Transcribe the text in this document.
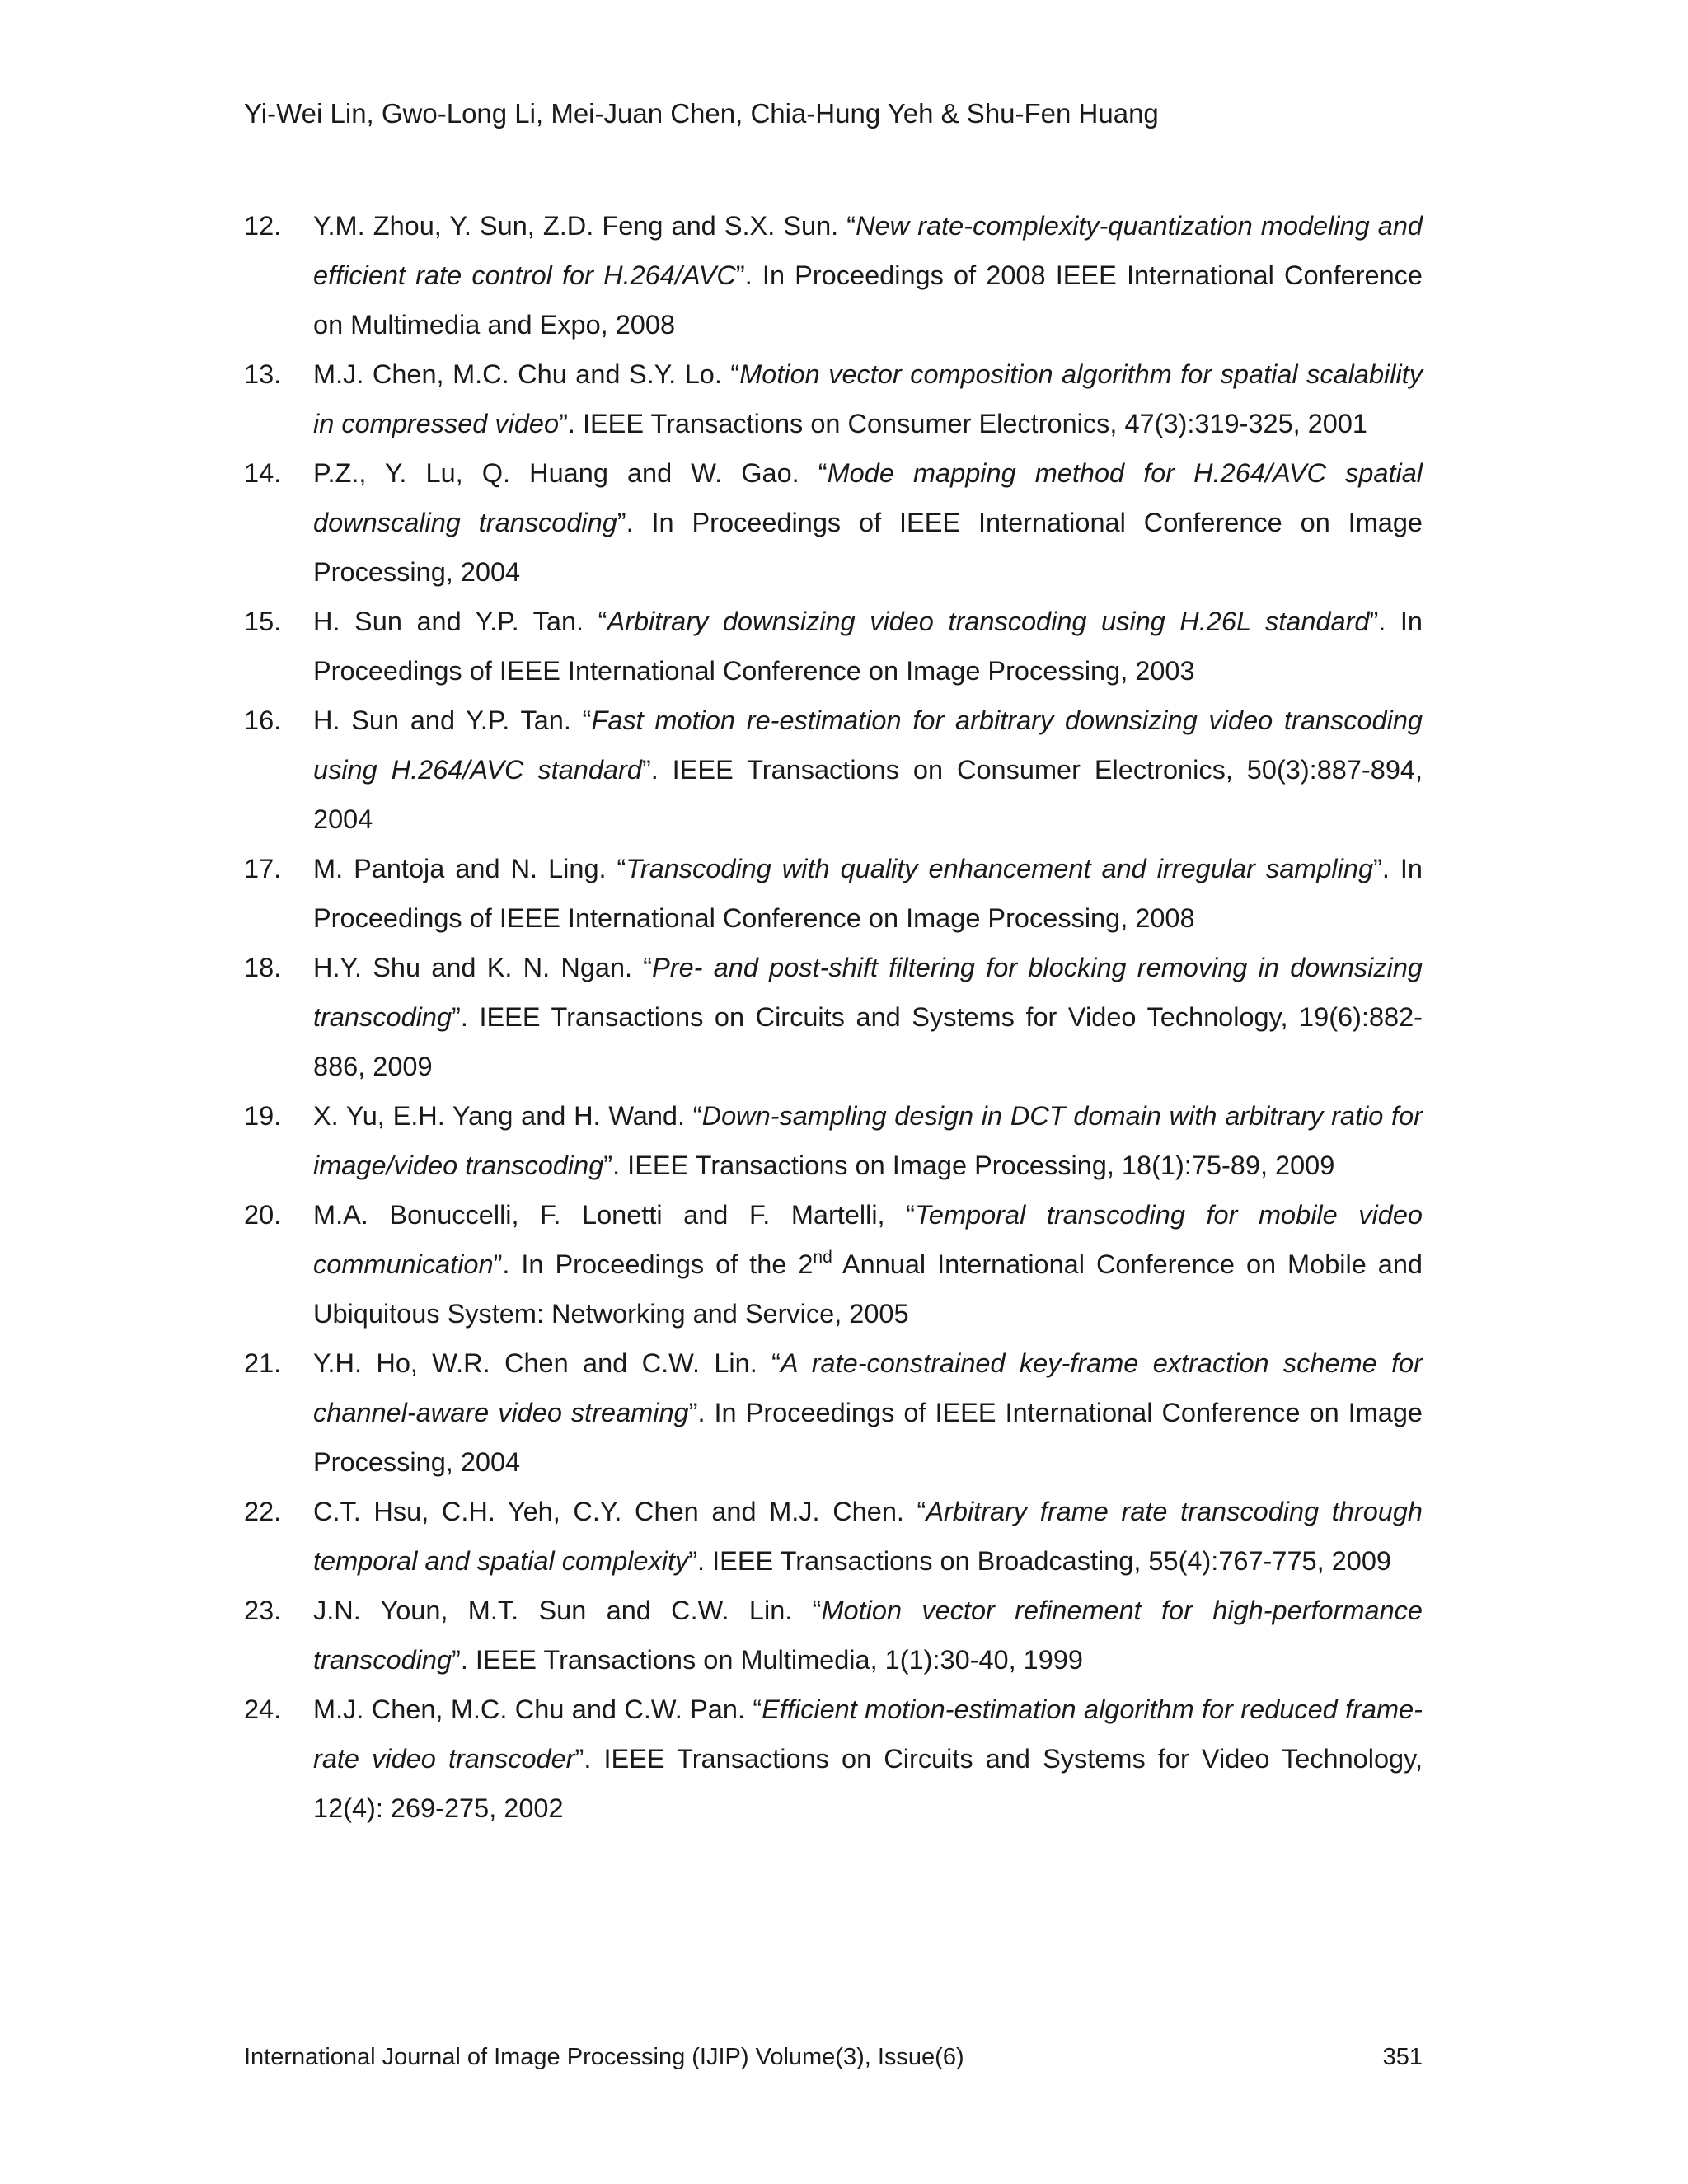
Yi-Wei Lin, Gwo-Long Li, Mei-Juan Chen, Chia-Hung Yeh & Shu-Fen Huang
12. Y.M. Zhou, Y. Sun, Z.D. Feng and S.X. Sun. “New rate-complexity-quantization modeling and efficient rate control for H.264/AVC”. In Proceedings of 2008 IEEE International Conference on Multimedia and Expo, 2008
13. M.J. Chen, M.C. Chu and S.Y. Lo. “Motion vector composition algorithm for spatial scalability in compressed video”. IEEE Transactions on Consumer Electronics, 47(3):319-325, 2001
14. P.Z., Y. Lu, Q. Huang and W. Gao. “Mode mapping method for H.264/AVC spatial downscaling transcoding”. In Proceedings of IEEE International Conference on Image Processing, 2004
15. H. Sun and Y.P. Tan. “Arbitrary downsizing video transcoding using H.26L standard”. In Proceedings of IEEE International Conference on Image Processing, 2003
16. H. Sun and Y.P. Tan. “Fast motion re-estimation for arbitrary downsizing video transcoding using H.264/AVC standard”. IEEE Transactions on Consumer Electronics, 50(3):887-894, 2004
17. M. Pantoja and N. Ling. “Transcoding with quality enhancement and irregular sampling”. In Proceedings of IEEE International Conference on Image Processing, 2008
18. H.Y. Shu and K. N. Ngan. “Pre- and post-shift filtering for blocking removing in downsizing transcoding”. IEEE Transactions on Circuits and Systems for Video Technology, 19(6):882-886, 2009
19. X. Yu, E.H. Yang and H. Wand. “Down-sampling design in DCT domain with arbitrary ratio for image/video transcoding”. IEEE Transactions on Image Processing, 18(1):75-89, 2009
20. M.A. Bonuccelli, F. Lonetti and F. Martelli, “Temporal transcoding for mobile video communication”. In Proceedings of the 2nd Annual International Conference on Mobile and Ubiquitous System: Networking and Service, 2005
21. Y.H. Ho, W.R. Chen and C.W. Lin. “A rate-constrained key-frame extraction scheme for channel-aware video streaming”. In Proceedings of IEEE International Conference on Image Processing, 2004
22. C.T. Hsu, C.H. Yeh, C.Y. Chen and M.J. Chen. “Arbitrary frame rate transcoding through temporal and spatial complexity”. IEEE Transactions on Broadcasting, 55(4):767-775, 2009
23. J.N. Youn, M.T. Sun and C.W. Lin. “Motion vector refinement for high-performance transcoding”. IEEE Transactions on Multimedia, 1(1):30-40, 1999
24. M.J. Chen, M.C. Chu and C.W. Pan. “Efficient motion-estimation algorithm for reduced frame-rate video transcoder”. IEEE Transactions on Circuits and Systems for Video Technology, 12(4): 269-275, 2002
International Journal of Image Processing (IJIP) Volume(3), Issue(6)	351
